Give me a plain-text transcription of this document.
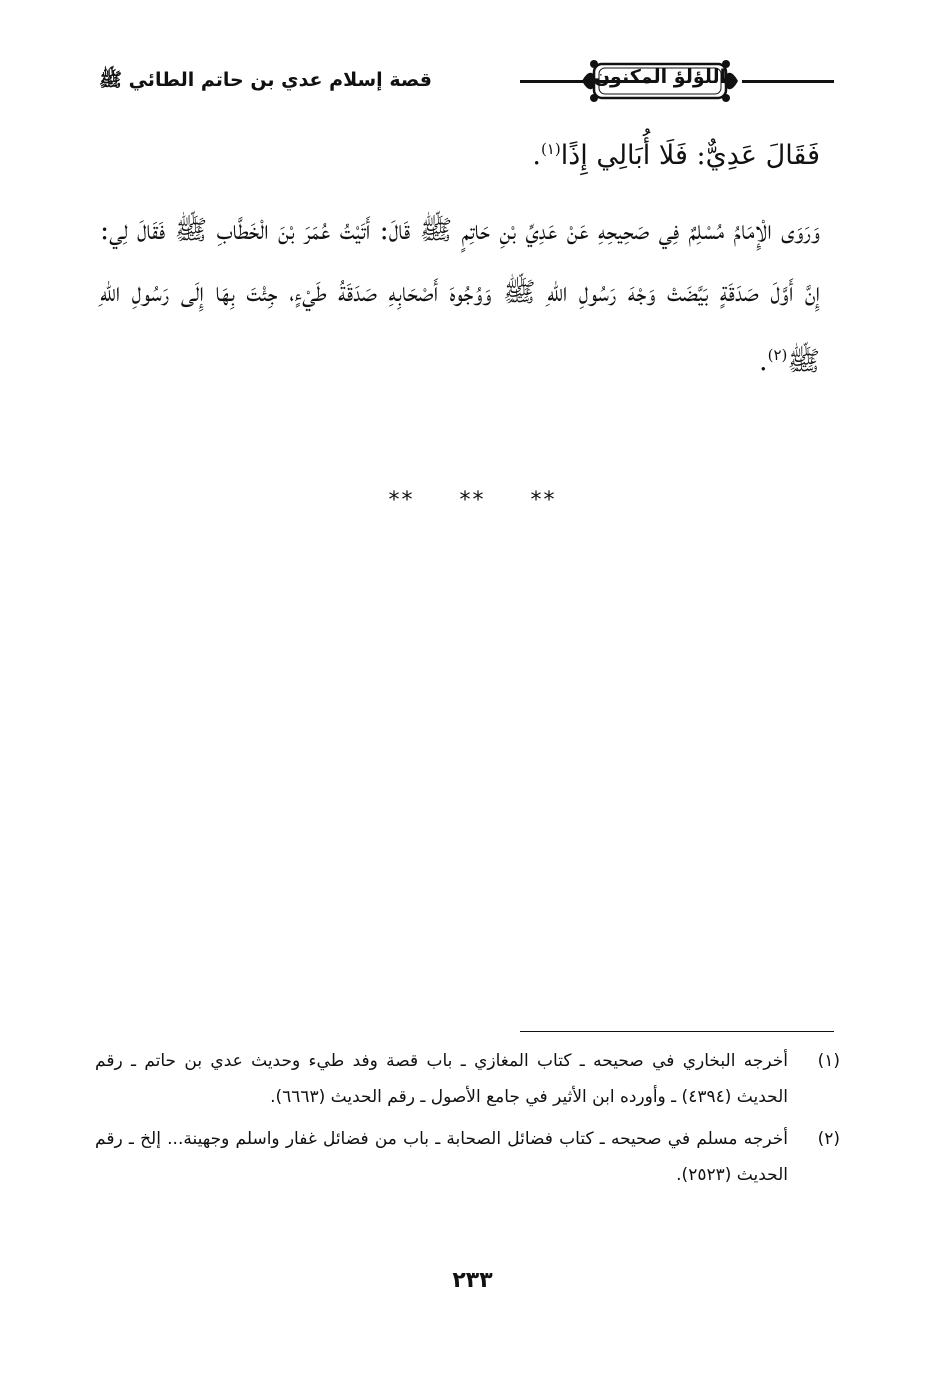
اللؤلؤ المكنون
قصة إسلام عدي بن حاتم الطائي ﷺ
فَقَالَ عَدِيٌّ: فَلَا أُبَالِي إِذًا$^{(١)}$.
وَرَوَى الْإِمَامُ مُسْلِمٌ فِي صَحِيحِهِ عَنْ عَدِيِّ بْنِ حَاتِمٍ ﷺ قَالَ: أَتَيْتُ عُمَرَ بْنَ الْخَطَّابِ ﷺ فَقَالَ لِي: إِنَّ أَوَّلَ صَدَقَةٍ بَيَّضَتْ وَجْهَ رَسُولِ اللهِ ﷺ وَوُجُوهَ أَصْحَابِهِ صَدَقَةُ طَيْءٍ، جِئْتَ بِهَا إِلَى رَسُولِ اللهِ ﷺ$^{(٢)}$.
** ** **
(١)
أخرجه البخاري في صحيحه ـ كتاب المغازي ـ باب قصة وفد طيء وحديث عدي بن حاتم ـ رقم الحديث (٤٣٩٤) ـ وأورده ابن الأثير في جامع الأصول ـ رقم الحديث (٦٦٦٣).
(٢)
أخرجه مسلم في صحيحه ـ كتاب فضائل الصحابة ـ باب من فضائل غفار واسلم وجهينة... إلخ ـ رقم الحديث (٢٥٢٣).
٢٣٣
